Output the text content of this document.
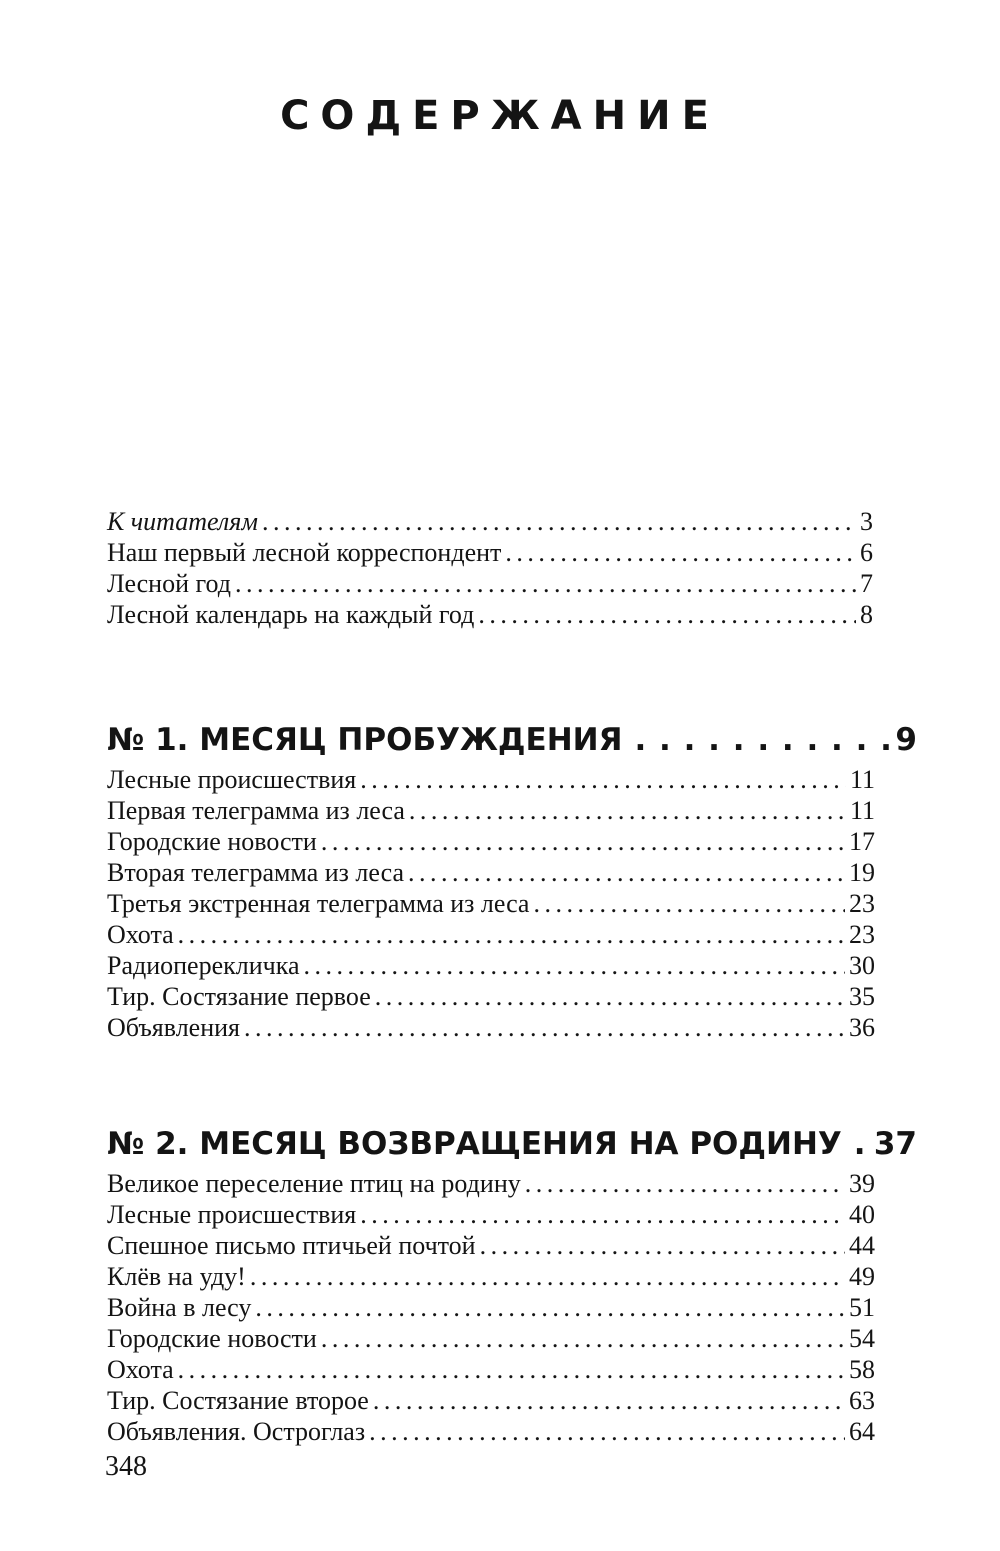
СОДЕРЖАНИЕ
К читателям . . .	3
Наш первый лесной корреспондент . . .	6
Лесной год . . .	7
Лесной календарь на каждый год . . .	8
№ 1. МЕСЯЦ ПРОБУЖДЕНИЯ . . .	9
Лесные происшествия . . .	11
Первая телеграмма из леса . . .	11
Городские новости . . .	17
Вторая телеграмма из леса . . .	19
Третья экстренная телеграмма из леса . . .	23
Охота . . .	23
Радиоперекличка . . .	30
Тир. Состязание первое . . .	35
Объявления . . .	36
№ 2. МЕСЯЦ ВОЗВРАЩЕНИЯ НА РОДИНУ . . . 37
Великое переселение птиц на родину . . .	39
Лесные происшествия . . .	40
Спешное письмо птичьей почтой . . .	44
Клёв на уду! . . .	49
Война в лесу . . .	51
Городские новости . . .	54
Охота . . .	58
Тир. Состязание второе . . .	63
Объявления. Остроглаз . . .	64
348
